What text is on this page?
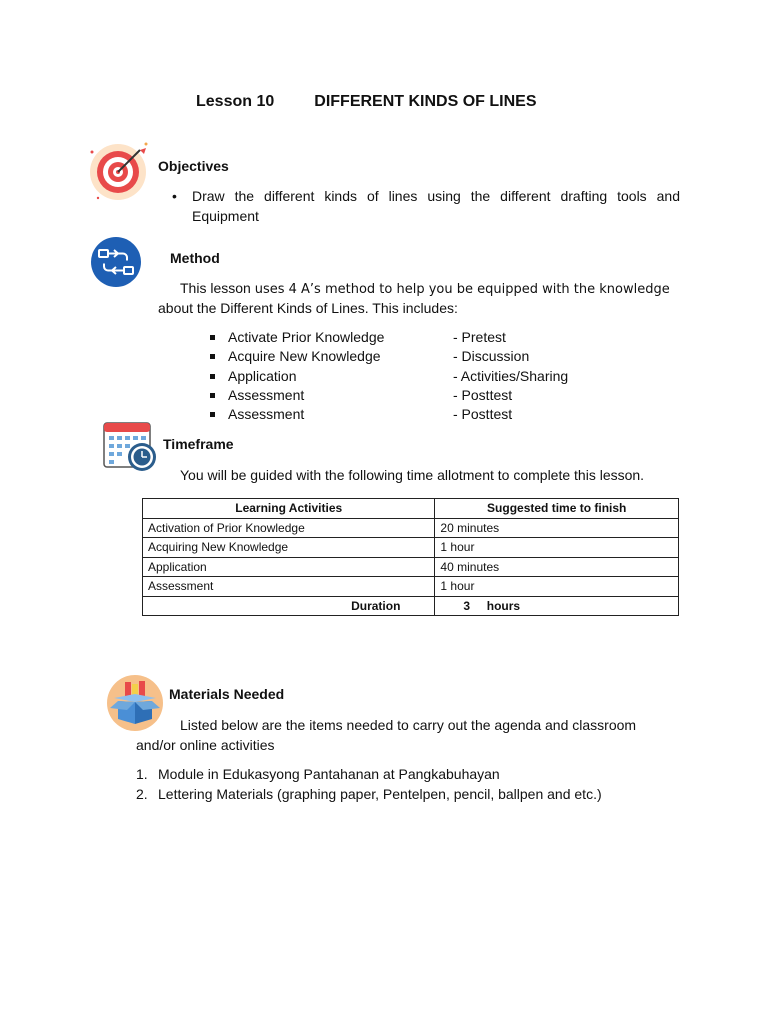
Lesson 10	DIFFERENT KINDS OF LINES
Objectives
• Draw the different kinds of lines using the different drafting tools and Equipment
Method
This lesson uses 4 A’s method to help you be equipped with the knowledge
about the Different Kinds of Lines. This includes:
Activate Prior Knowledge	- Pretest
Acquire New Knowledge	- Discussion
Application	- Activities/Sharing
Assessment	- Posttest
Assessment	- Posttest
Timeframe
You will be guided with the following time allotment to complete this lesson.
Learning Activities	Suggested time to finish
Activation of Prior Knowledge	20 minutes
Acquiring New Knowledge	1 hour
Application	40 minutes
Assessment	1 hour
Duration	3     hours
Materials Needed
Listed below are the items needed to carry out the agenda and classroom
and/or online activities
1. Module in Edukasyong Pantahanan at Pangkabuhayan
2. Lettering Materials (graphing paper, Pentelpen, pencil, ballpen and etc.)
